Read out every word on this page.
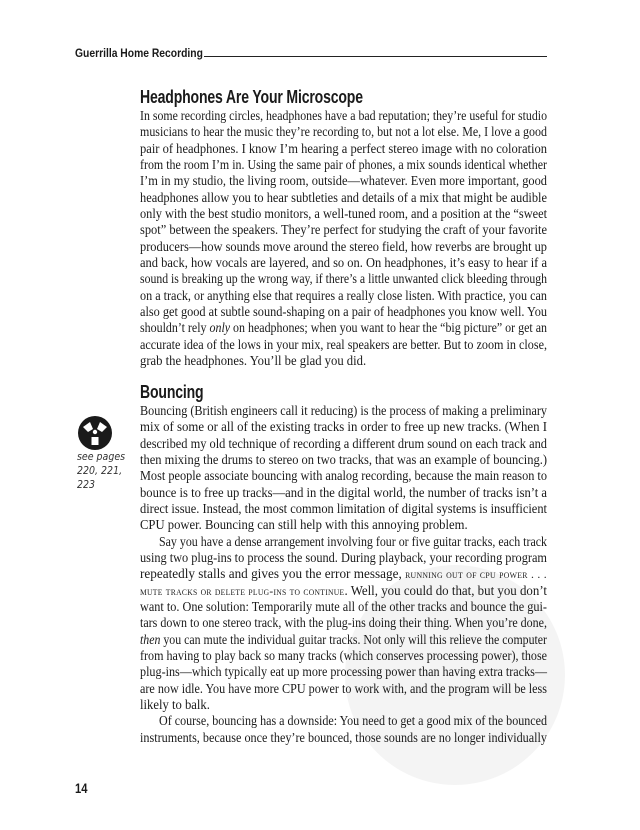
Guerrilla Home Recording
Headphones Are Your Microscope
In some recording circles, headphones have a bad reputation; they’re useful for studio
musicians to hear the music they’re recording to, but not a lot else. Me, I love a good
pair of headphones. I know I’m hearing a perfect stereo image with no coloration
from the room I’m in. Using the same pair of phones, a mix sounds identical whether
I’m in my studio, the living room, outside—whatever. Even more important, good
headphones allow you to hear subtleties and details of a mix that might be audible
only with the best studio monitors, a well-tuned room, and a position at the “sweet
spot” between the speakers. They’re perfect for studying the craft of your favorite
producers—how sounds move around the stereo field, how reverbs are brought up
and back, how vocals are layered, and so on. On headphones, it’s easy to hear if a
sound is breaking up the wrong way, if there’s a little unwanted click bleeding through
on a track, or anything else that requires a really close listen. With practice, you can
also get good at subtle sound-shaping on a pair of headphones you know well. You
shouldn’t rely only on headphones; when you want to hear the “big picture” or get an
accurate idea of the lows in your mix, real speakers are better. But to zoom in close,
grab the headphones. You’ll be glad you did.
Bouncing
Bouncing (British engineers call it reducing) is the process of making a preliminary
mix of some or all of the existing tracks in order to free up new tracks. (When I
described my old technique of recording a different drum sound on each track and
then mixing the drums to stereo on two tracks, that was an example of bouncing.)
Most people associate bouncing with analog recording, because the main reason to
bounce is to free up tracks—and in the digital world, the number of tracks isn’t a
direct issue. Instead, the most common limitation of digital systems is insufficient
CPU power. Bouncing can still help with this annoying problem.
Say you have a dense arrangement involving four or five guitar tracks, each track
using two plug-ins to process the sound. During playback, your recording program
repeatedly stalls and gives you the error message, running out of cpu power . . .
mute tracks or delete plug-ins to continue. Well, you could do that, but you don’t
want to. One solution: Temporarily mute all of the other tracks and bounce the gui-
tars down to one stereo track, with the plug-ins doing their thing. When you’re done,
then you can mute the individual guitar tracks. Not only will this relieve the computer
from having to play back so many tracks (which conserves processing power), those
plug-ins—which typically eat up more processing power than having extra tracks—
are now idle. You have more CPU power to work with, and the program will be less
likely to balk.
Of course, bouncing has a downside: You need to get a good mix of the bounced
instruments, because once they’re bounced, those sounds are no longer individually
see pages
220, 221,
223
14
